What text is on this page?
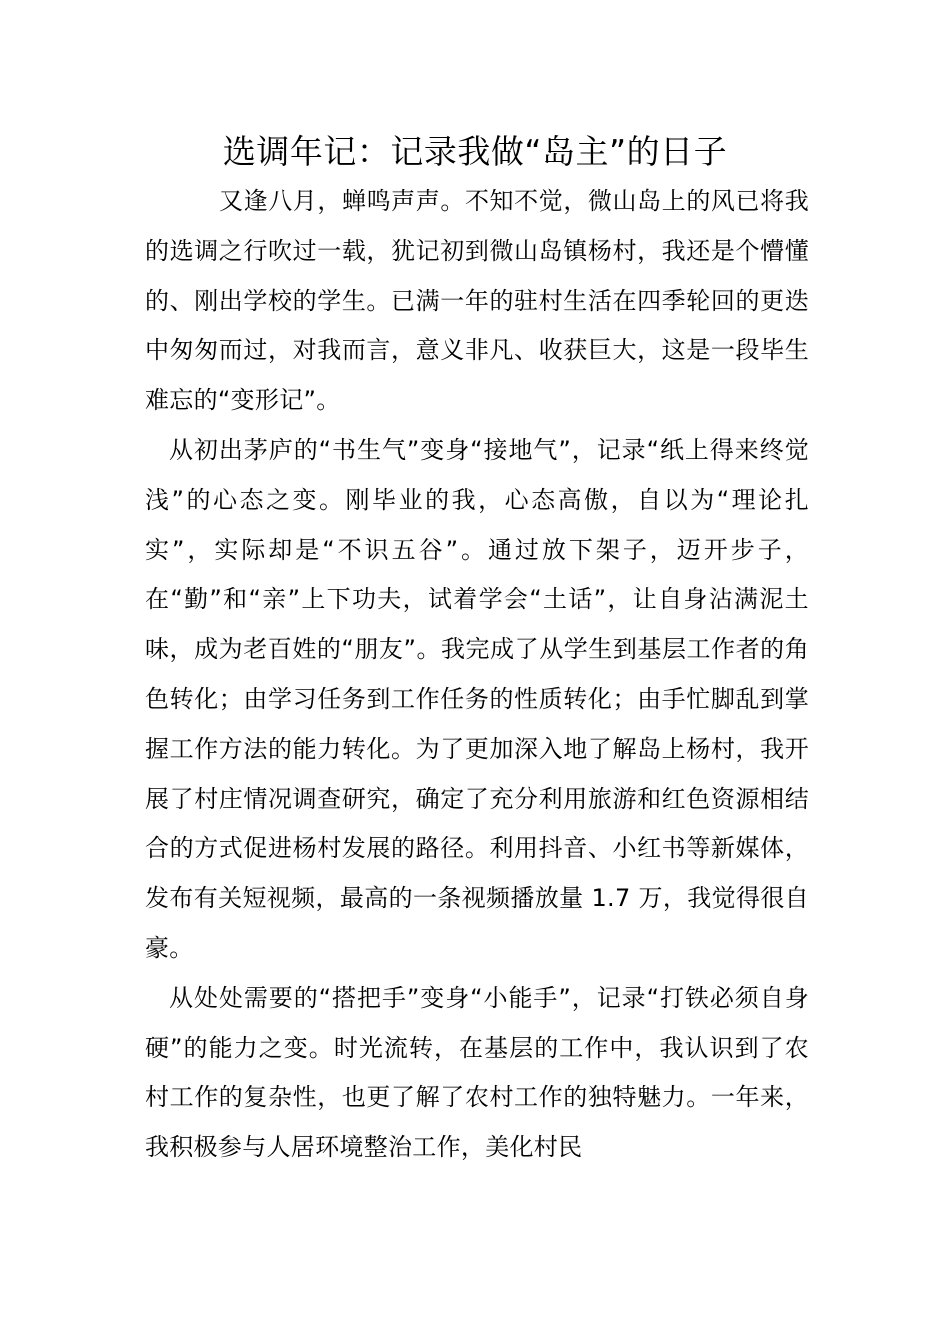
选调年记：记录我做“岛主”的日子

又逢八月，蝉鸣声声。不知不觉，微山岛上的风已将我的选调之行吹过一载，犹记初到微山岛镇杨村，我还是个懵懂的、刚出学校的学生。已满一年的驻村生活在四季轮回的更迭中匆匆而过，对我而言，意义非凡、收获巨大，这是一段毕生难忘的“变形记”。

从初出茅庐的“书生气”变身“接地气”，记录“纸上得来终觉浅”的心态之变。刚毕业的我，心态高傲，自以为“理论扎实”，实际却是“不识五谷”。通过放下架子，迈开步子，在“勤”和“亲”上下功夫，试着学会“土话”，让自身沾满泥土味，成为老百姓的“朋友”。我完成了从学生到基层工作者的角色转化；由学习任务到工作任务的性质转化；由手忙脚乱到掌握工作方法的能力转化。为了更加深入地了解岛上杨村，我开展了村庄情况调查研究，确定了充分利用旅游和红色资源相结合的方式促进杨村发展的路径。利用抖音、小红书等新媒体，发布有关短视频，最高的一条视频播放量 1.7 万，我觉得很自豪。

从处处需要的“搭把手”变身“小能手”，记录“打铁必须自身硬”的能力之变。时光流转，在基层的工作中，我认识到了农村工作的复杂性，也更了解了农村工作的独特魅力。一年来，我积极参与人居环境整治工作，美化村民
